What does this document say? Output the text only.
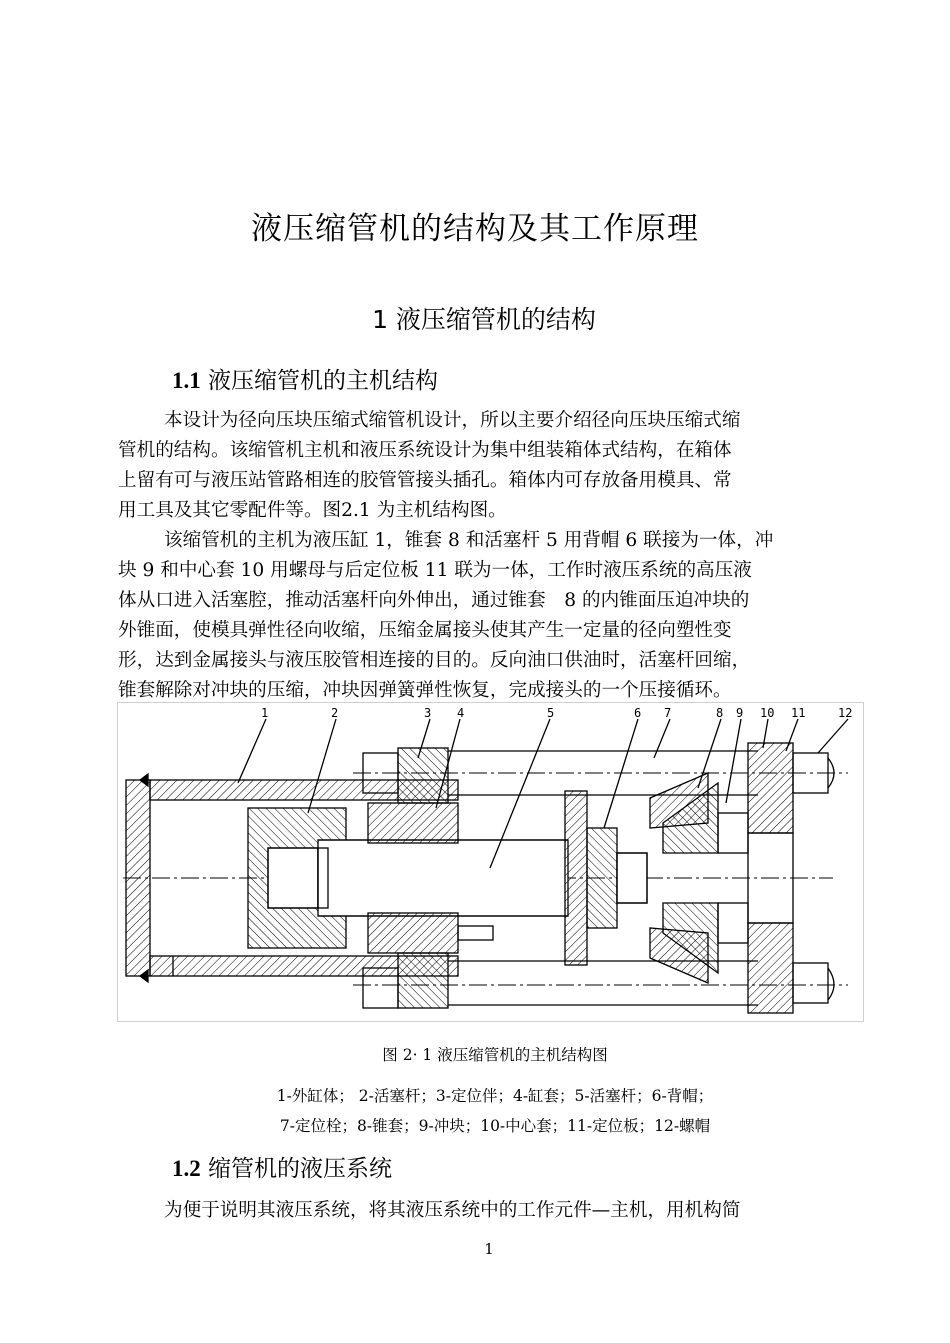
液压缩管机的结构及其工作原理
1 液压缩管机的结构
1.1 液压缩管机的主机结构
本设计为径向压块压缩式缩管机设计，所以主要介绍径向压块压缩式缩
管机的结构。该缩管机主机和液压系统设计为集中组装箱体式结构，在箱体
上留有可与液压站管路相连的胶管管接头插孔。箱体内可存放备用模具、常
用工具及其它零配件等。图2.1 为主机结构图。
该缩管机的主机为液压缸 1，锥套 8 和活塞杆 5 用背帽 6 联接为一体，冲
块 9 和中心套 10 用螺母与后定位板 11 联为一体，工作时液压系统的高压液
体从口进入活塞腔，推动活塞杆向外伸出，通过锥套　8 的内锥面压迫冲块的
外锥面，使模具弹性径向收缩，压缩金属接头使其产生一定量的径向塑性变
形，达到金属接头与液压胶管相连接的目的。反向油口供油时，活塞杆回缩，
锥套解除对冲块的压缩，冲块因弹簧弹性恢复，完成接头的一个压接循环。
1	2	3 4	5	6 7	8 9 10 11	12
图 2· 1 液压缩管机的主机结构图
1-外缸体； 2-活塞杆；3-定位伴；4-缸套；5-活塞杆；6-背帽；
7-定位栓；8-锥套；9-冲块；10-中心套；11-定位板；12-螺帽
1.2 缩管机的液压系统
为便于说明其液压系统，将其液压系统中的工作元件—主机，用机构简
1
